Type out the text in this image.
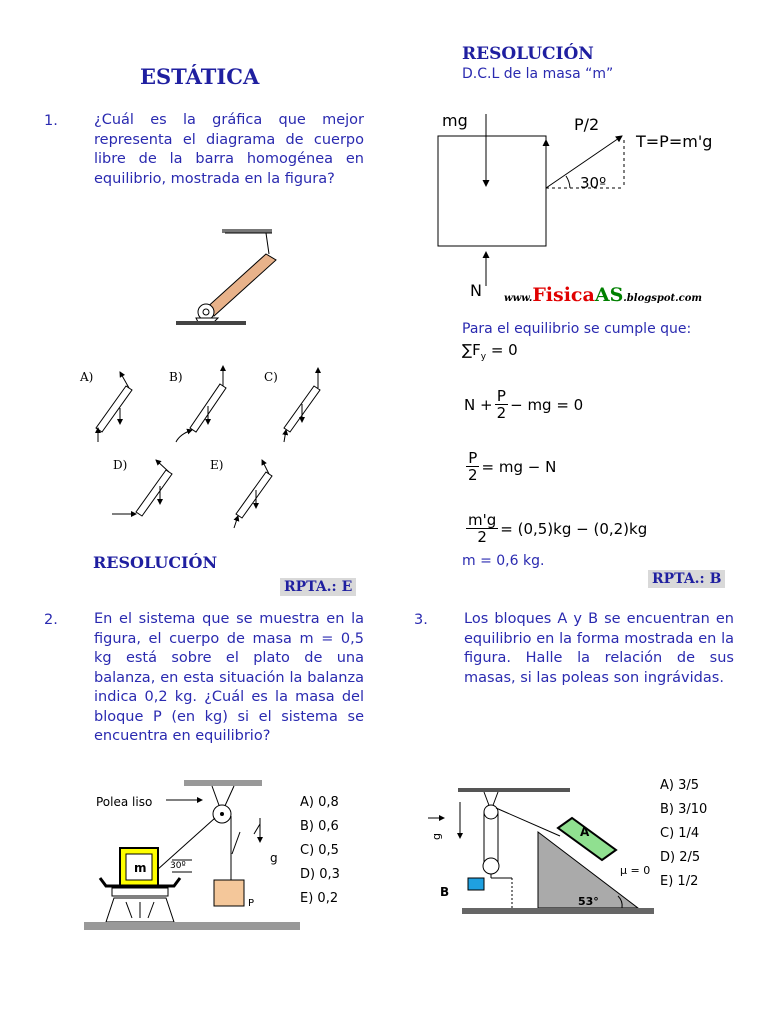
ESTÁTICA
1. ¿Cuál es la gráfica que mejor representa el diagrama de cuerpo libre de la barra homogénea en equilibrio, mostrada en la figura?
A)	B)	C)
D)	E)
RESOLUCIÓN
RPTA.: E
2. En el sistema que se muestra en la figura, el cuerpo de masa m = 0,5 kg está sobre el plato de una balanza, en esta situación la balanza indica 0,2 kg. ¿Cuál es la masa del bloque P (en kg) si el sistema se encuentra en equilibrio?
Polea liso
m	30º
g
P
A) 0,8
B) 0,6
C) 0,5
D) 0,3
E) 0,2
RESOLUCIÓN
D.C.L de la masa “m”
mg	P/2
T=P=m'g
30º
N www.FisicaAS.blogspot.com
Para el equilibrio se cumple que:
$\sum F_y = 0$
$N + \frac{P}{2}$ − mg = 0
$\frac{P}{2}$ = mg − N
$\frac{m'g}{2} = (0,5)kg - (0,2)kg$
m = 0,6 kg.
RPTA.: B
3. Los bloques A y B se encuentran en equilibrio en la forma mostrada en la figura. Halle la relación de sus masas, si las poleas son ingrávidas.
g	A
B
μ = 0
53°
A) 3/5
B) 3/10
C) 1/4
D) 2/5
E) 1/2
